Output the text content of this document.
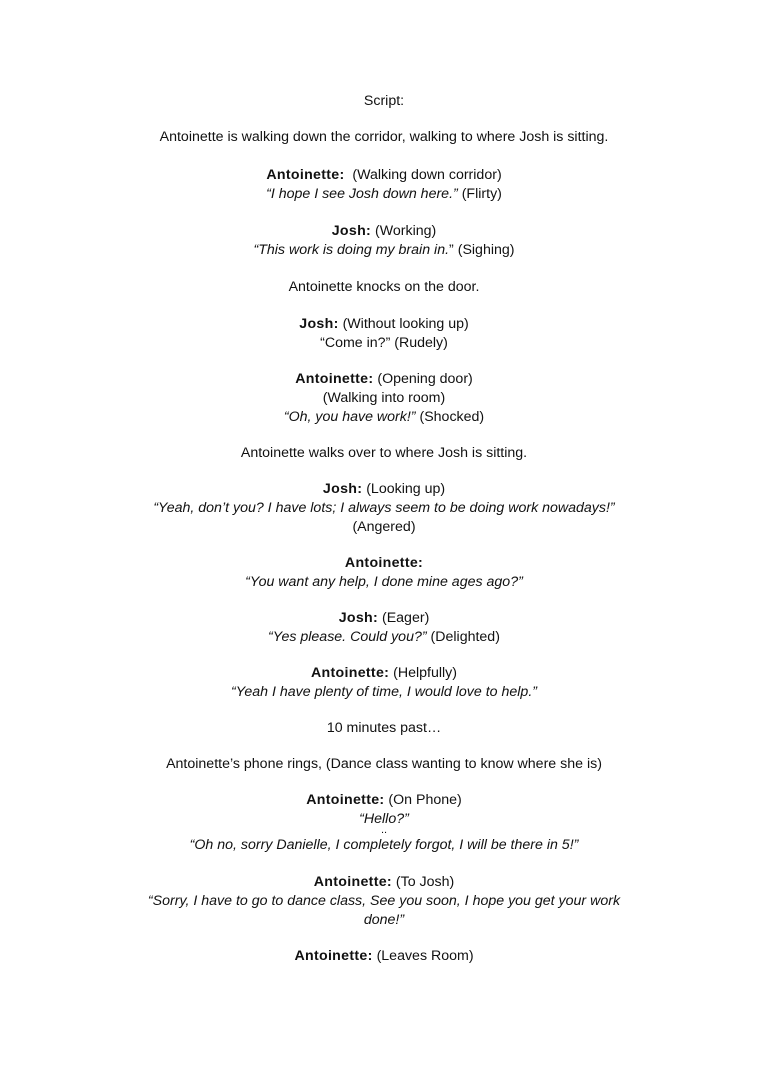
Script:
Antoinette is walking down the corridor, walking to where Josh is sitting.
Antoinette: (Walking down corridor)
“I hope I see Josh down here.” (Flirty)
Josh: (Working)
“This work is doing my brain in.” (Sighing)
Antoinette knocks on the door.
Josh: (Without looking up)
“Come in?” (Rudely)
Antoinette: (Opening door)
(Walking into room)
“Oh, you have work!” (Shocked)
Antoinette walks over to where Josh is sitting.
Josh: (Looking up)
“Yeah, don’t you? I have lots; I always seem to be doing work nowadays!”
(Angered)
Antoinette:
“You want any help, I done mine ages ago?”
Josh: (Eager)
“Yes please. Could you?” (Delighted)
Antoinette: (Helpfully)
“Yeah I have plenty of time, I would love to help.”
10 minutes past…
Antoinette’s phone rings, (Dance class wanting to know where she is)
Antoinette: (On Phone)
“Hello?”
..
“Oh no, sorry Danielle, I completely forgot, I will be there in 5!”
Antoinette: (To Josh)
“Sorry, I have to go to dance class, See you soon, I hope you get your work
done!”
Antoinette: (Leaves Room)
